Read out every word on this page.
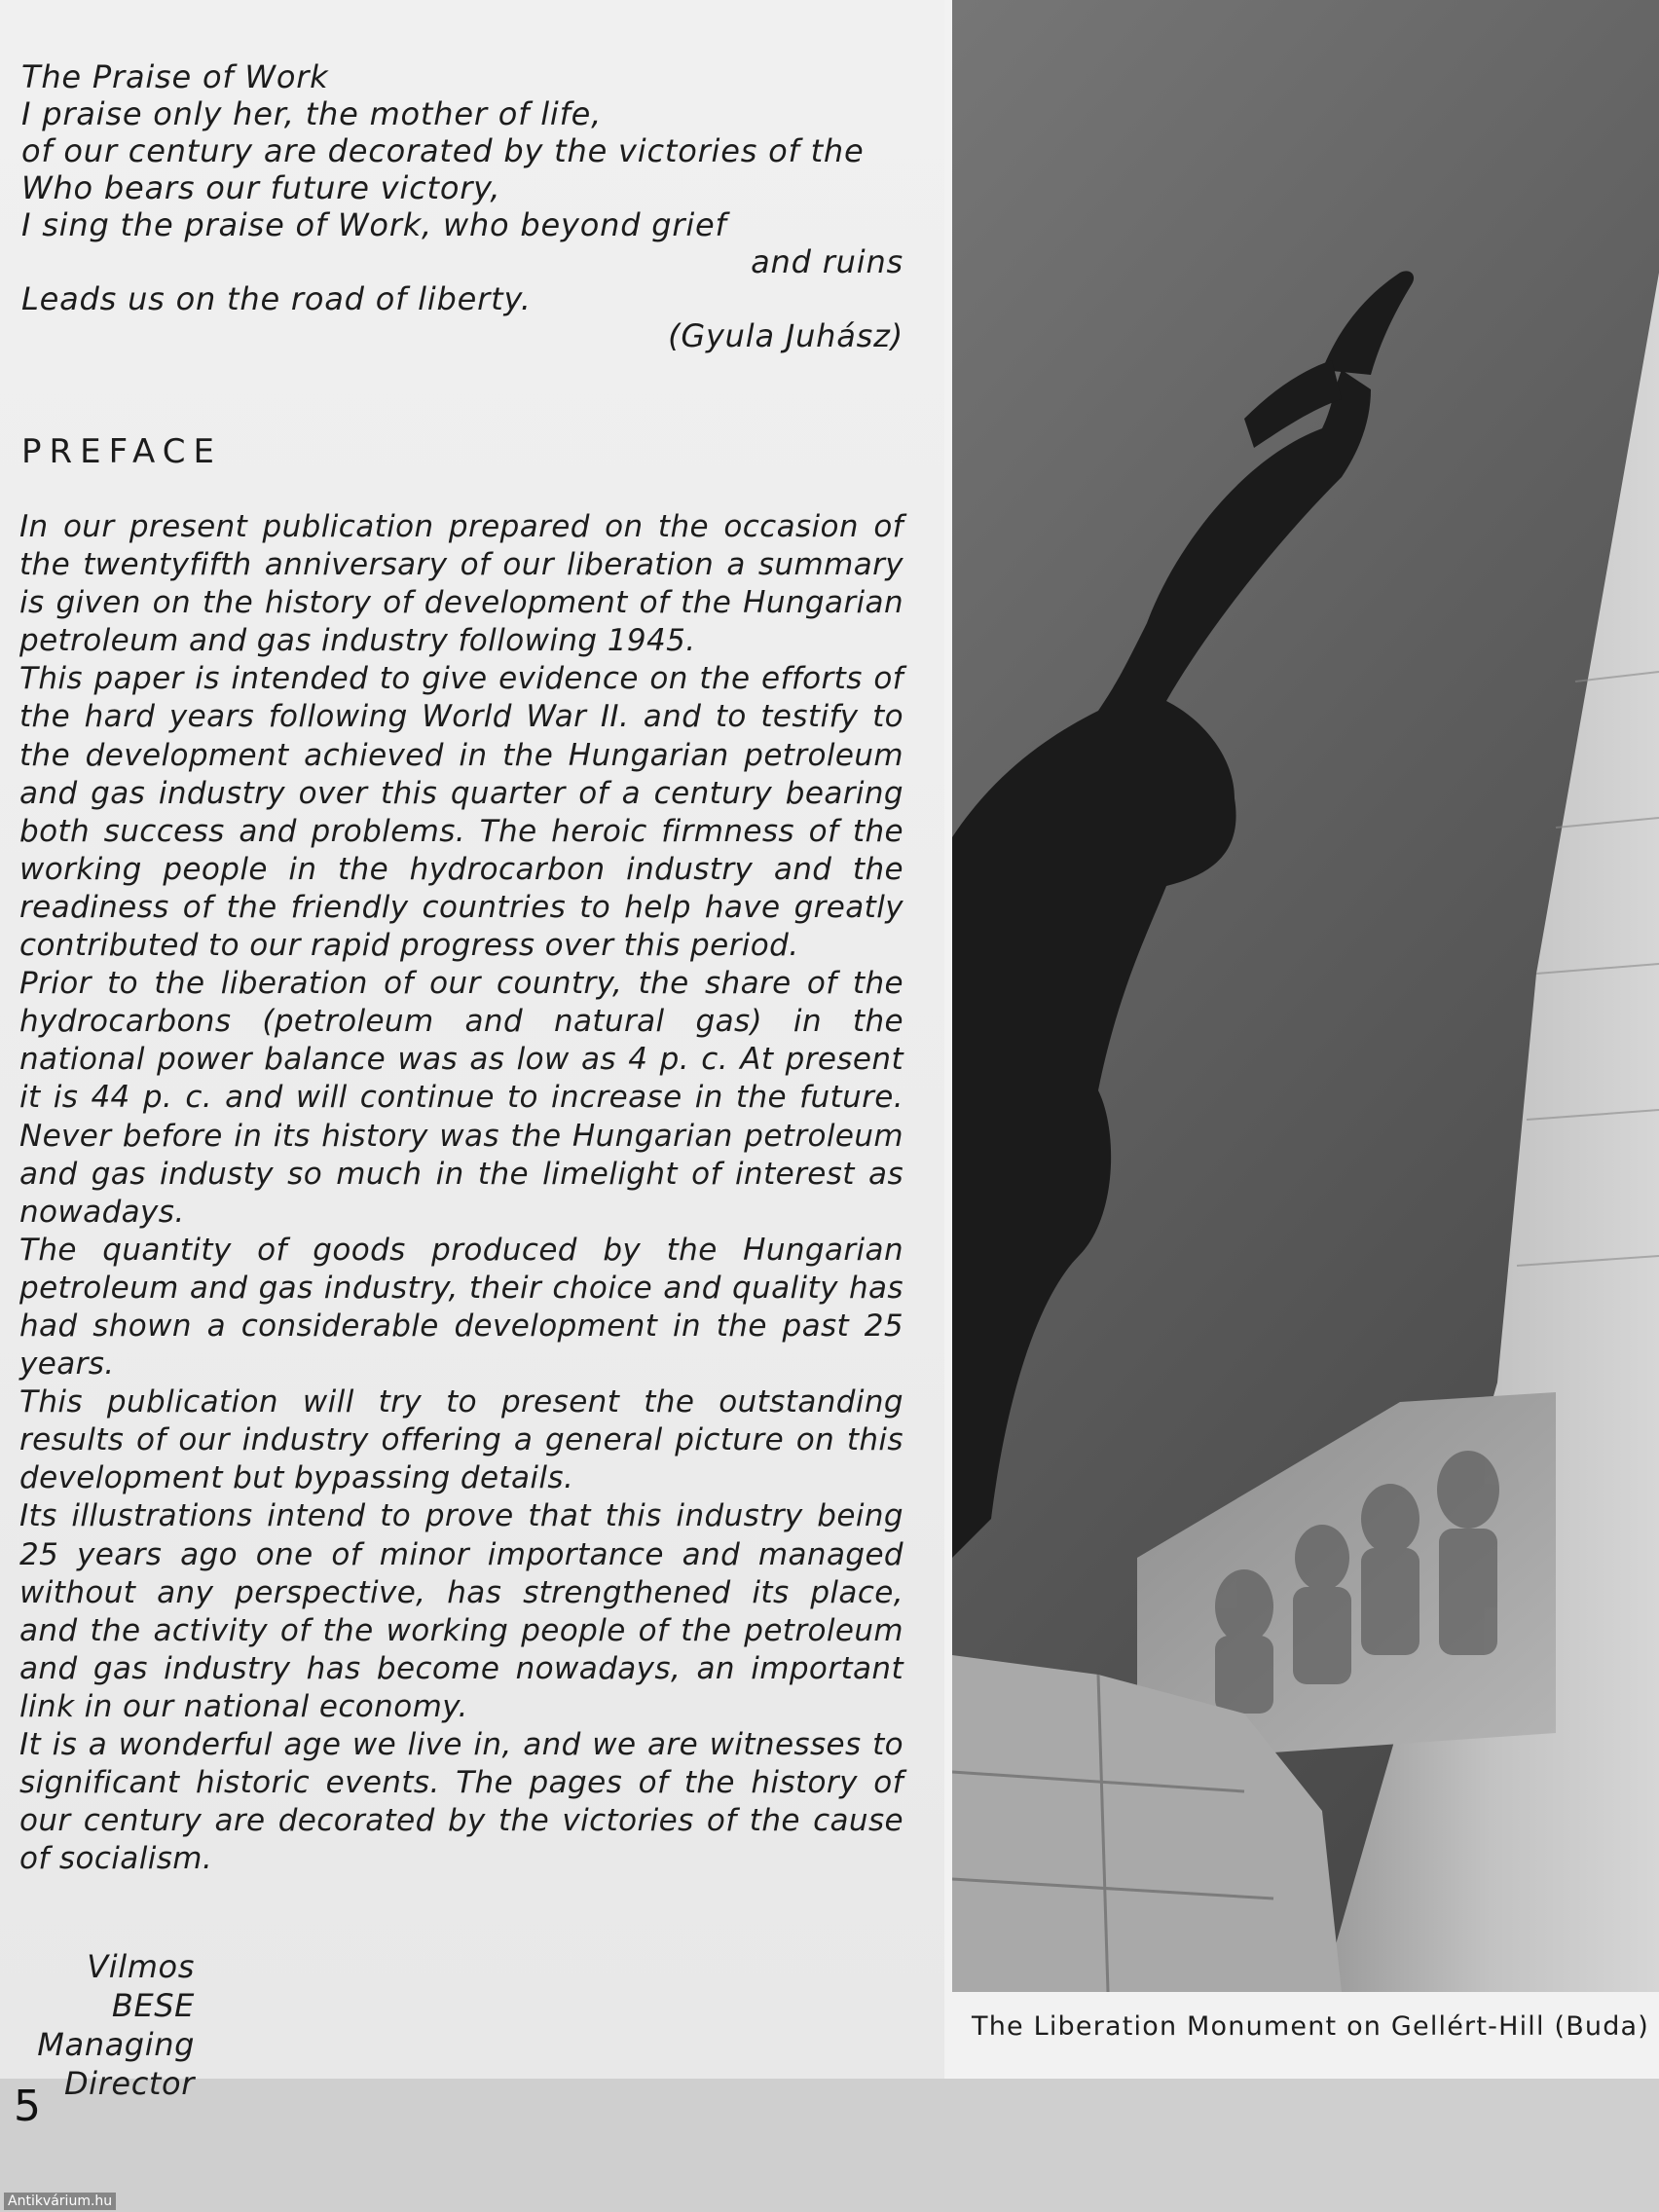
The Praise of Work
I praise only her, the mother of life,
of our century are decorated by the victories of the
Who bears our future victory,
I sing the praise of Work, who beyond grief
and ruins
Leads us on the road of liberty.
(Gyula Juhász)
PREFACE

In our present publication prepared on the occasion of the twentyfifth anniversary of our liberation a summary is given on the history of development of the Hungarian petroleum and gas industry following 1945.

This paper is intended to give evidence on the efforts of the hard years following World War II. and to testify to the development achieved in the Hungarian petroleum and gas industry over this quarter of a century bearing both success and problems. The heroic firmness of the working people in the hydrocarbon industry and the readiness of the friendly countries to help have greatly contributed to our rapid progress over this period.

Prior to the liberation of our country, the share of the hydrocarbons (petroleum and natural gas) in the national power balance was as low as 4 p. c. At present it is 44 p. c. and will continue to increase in the future. Never before in its history was the Hungarian petroleum and gas industy so much in the limelight of interest as nowadays.

The quantity of goods produced by the Hungarian petroleum and gas industry, their choice and quality has had shown a considerable development in the past 25 years.

This publication will try to present the outstanding results of our industry offering a general picture on this development but bypassing details.

Its illustrations intend to prove that this industry being 25 years ago one of minor importance and managed without any perspective, has strengthened its place, and the activity of the working people of the petroleum and gas industry has become nowadays, an important link in our national economy.

It is a wonderful age we live in, and we are witnesses to significant historic events. The pages of the history of our century are decorated by the victories of the cause of socialism.

Vilmos BESE
Managing Director
The Liberation Monument on Gellért-Hill (Buda)
5
Antikvárium.hu
